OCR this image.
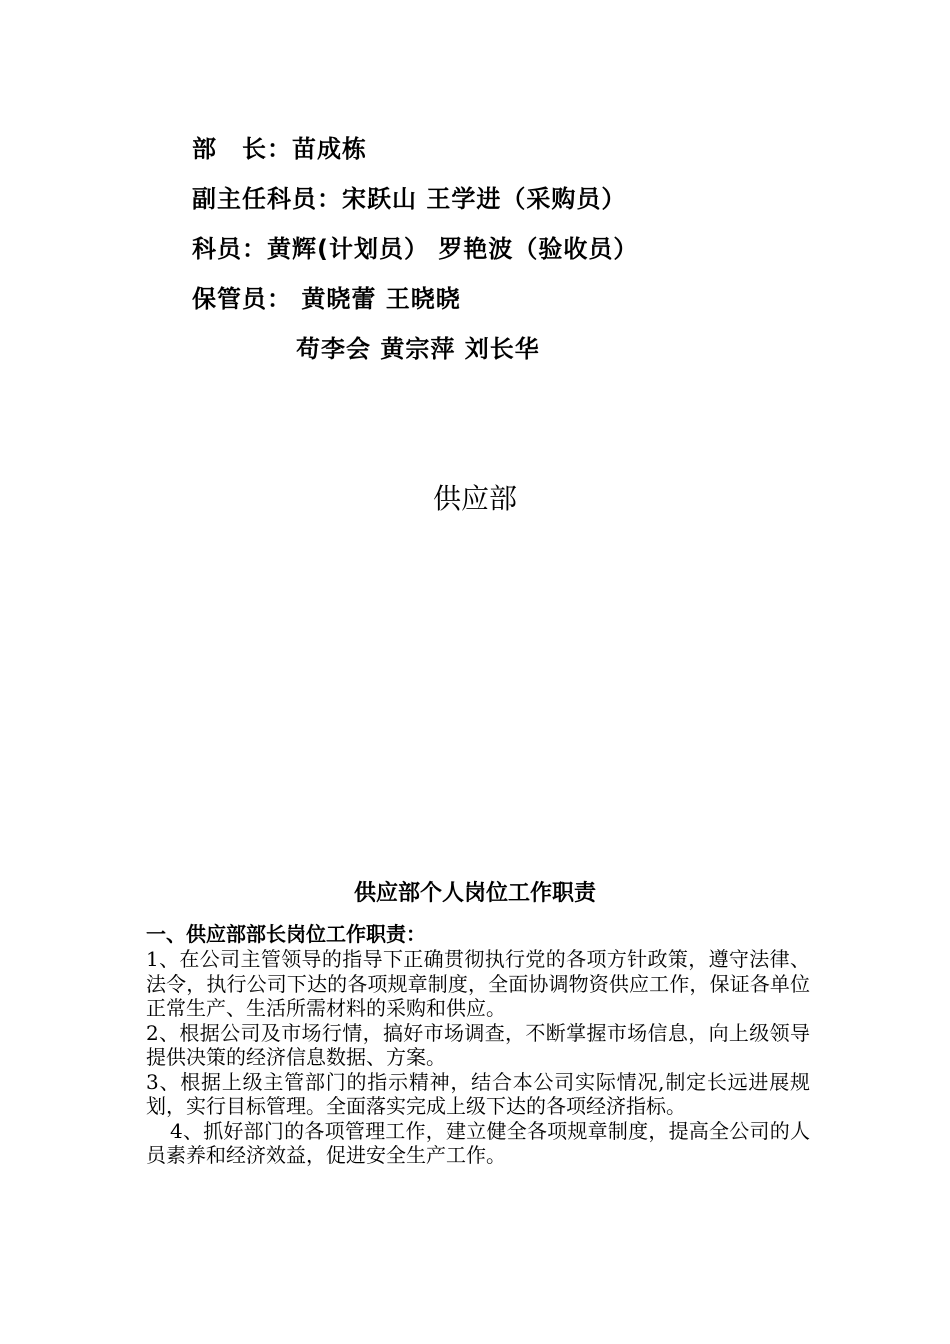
部　长：苗成栋
副主任科员：宋跃山 王学进（采购员）
科员：黄辉(计划员） 罗艳波（验收员）
保管员： 黄晓蕾 王晓晓
苟李会 黄宗萍 刘长华
供应部
供应部个人岗位工作职责
一、供应部部长岗位工作职责：

1、在公司主管领导的指导下正确贯彻执行党的各项方针政策，遵守法律、法令，执行公司下达的各项规章制度，全面协调物资供应工作，保证各单位正常生产、生活所需材料的采购和供应。

2、根据公司及市场行情，搞好市场调查，不断掌握市场信息，向上级领导提供决策的经济信息数据、方案。

3、根据上级主管部门的指示精神，结合本公司实际情况,制定长远进展规划，实行目标管理。全面落实完成上级下达的各项经济指标。

4、抓好部门的各项管理工作，建立健全各项规章制度，提高全公司的人员素养和经济效益，促进安全生产工作。
